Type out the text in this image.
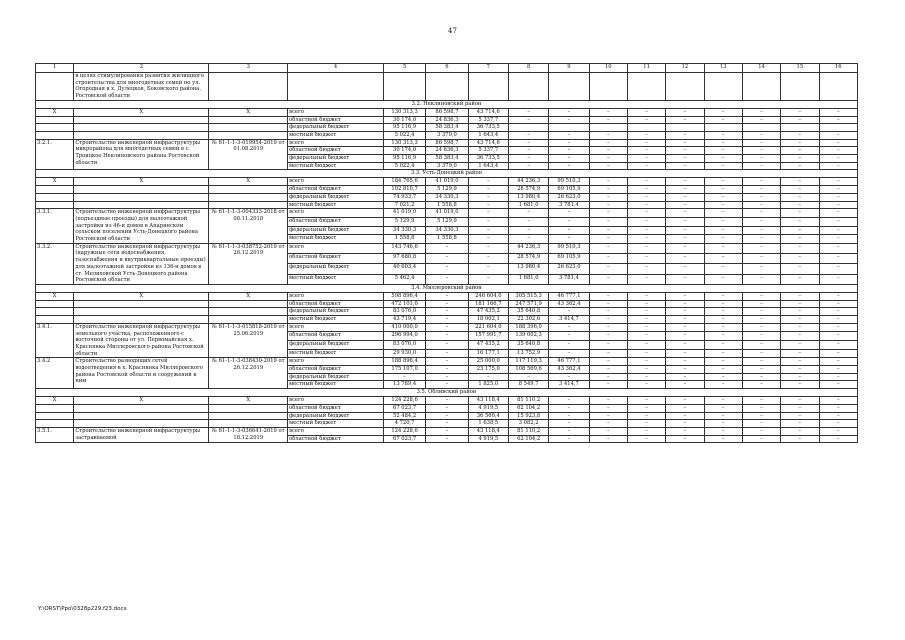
47
1	2	3	4	5	6	7	8	9	10	11	12	13	14	15	16
	в целях стимулирования развития жилищного строительства для многодетных семей по ул. Огородная в х. Дулецков, Боковского района, Ростовской области														
3.2. Неклиновский район															
X	X	X	всего	130 313,3	86 598,7	43 714,6	–	–	–	–	–	–	–	–	–
			областной бюджет	30 174,0	24 836,3	5 337,7	–	–	–	–	–	–	–	–	–
			федеральный бюджет	95 116,9	58 383,4	36 733,5									
			местный бюджет	5 022,4	3 379,0	1 643,4	–	–	–	–	–	–	–	–	–
3.2.1.	Строительство инженерной инфраструктуры микрорайона для многодетных семей в с. Троицкое Неклиновского района Ростовской области	№ 61-1-1-3-019954-2019 от 01.08.2019	всего	130 313,3	86 598,7	43 714,6	–	–	–	–	–	–	–	–	–
			областной бюджет	30 174,0	24 836,3	5 337,7	–	–	–	–	–	–	–	–	–
			федеральный бюджет	95 116,9	58 383,4	36 733,5	–	–	–	–	–	–	–	–	–
			местный бюджет	5 022,4	3 379,0	1 643,4	–	–	–	–	–	–	–	–	–
3.3. Усть-Донецкий район															
X	X	X	всего	184 765,6	41 019,0	–	44 236,3	99 510,3	–	–	–	–	–	–	–
			областной бюджет	102 810,7	5 129,9	–	28 574,9	69 105,9	–	–	–	–	–	–	–
			федеральный бюджет	74 933,7	34 330,3	–	13 980,4	26 623,0	–	–	–	–	–	–	–
			местный бюджет	7 021,2	1 558,8	–	1 681,0	3 781,4	–	–	–	–	–	–	–
3.3.1.	Строительство инженерной инфраструктуры (подъездные проезды) для малоэтажной застройки из 46-и домов в Апаринском сельском поселении Усть-Донецкого района Ростовской области	№ 61-1-1-3-004333-2018 от 08.11.2018	всего	41 019,0	41 019,0	–	–	–	–	–	–	–	–	–	–
			областной бюджет	5 129,9	5 129,9	–	–	–	–	–	–	–	–	–	–
			федеральный бюджет	34 330,3	34 330,3	–	–	–	–	–	–	–	–	–	–
			местный бюджет	1 558,8	1 558,8	–	–	–	–	–	–	–	–	–	–
3.3.2.	Строительство инженерной инфраструктуры (наружные сети водоснабжения, газоснабжения и внутриквартальные проезды) для малоэтажной застройки из 136-и домов в ст. Мелиховской Усть-Донецкого района Ростовской области	№ 61-1-1-3-038752-2019 от 26.12.2019	всего	143 746,6	–	–	44 236,3	99 510,3	–	–	–	–	–	–	–
			областной бюджет	97 680,8	–	–	28 574,9	69 105,9	–	–	–	–	–	–	–
			федеральный бюджет	40 603,4	–	–	13 980,4	26 623,0	–	–	–	–	–	–	–
			местный бюджет	5 462,4	–	–	1 681,0	3 781,4	–	–	–	–	–	–	–
3.4. Миллеровский район															
X	X	X	всего	598 896,4	–	246 604,0	305 515,3	46 777,1	–	–	–	–	–	–	–
			областной бюджет	472 101,0	–	181 166,7	247 571,9	43 362,4	–	–	–	–	–	–	–
			федеральный бюджет	83 076,0	–	47 435,2	35 640,8	–	–	–	–	–	–	–	–
			местный бюджет	43 719,4	–	18 002,1	22 302,6	3 414,7	–	–	–	–	–	–	–
3.4.1.	Строительство инженерной инфраструктуры земельного участка, расположенного с восточной стороны от ул. Первомайская х. Краснянка Миллеровского района Ростовской области	№ 61-1-1-3-015818-2019 от 25.06.2019	всего	410 000,0	–	221 604,0	188 396,0	–	–	–	–	–	–	–	–
			областной бюджет	296 994,0	–	157 991,7	139 002,3	–	–	–	–	–	–	–	–
			федеральный бюджет	83 076,0	–	47 435,2	35 640,8	–	–	–	–	–	–	–	–
			местный бюджет	29 930,0	–	16 177,1	13 752,9	–	–	–	–	–	–	–	–
3.4.2	Строительство разводящих сетей водоотведения в х. Краснянка Миллеровского района Ростовской области и сооружений к ним	№ 61-1-1-3-038430-2019 от 26.12.2019	всего	188 896,4	–	25 000,0	117 119,3	46 777,1	–	–	–	–	–	–	–
			областной бюджет	175 107,0	–	23 175,0	108 569,6	43 362,4	–	–	–	–	–	–	–
			федеральный бюджет	–	–	–	–	–	–	–	–	–	–	–	–
			местный бюджет	13 789,4	–	1 825,0	8 549,7	3 414,7	–	–	–	–	–	–	–
3.5. Обливский район															
X	X	X	всего	124 228,6	–	43 118,4	81 110,2	–	–	–	–	–	–	–	–
			областной бюджет	67 023,7	–	4 919,5	62 104,2	–	–	–	–	–	–	–	–
			федеральный бюджет	52 484,2	–	36 560,4	15 923,8	–	–	–	–	–	–	–	–
			местный бюджет	4 720,7	–	1 638,5	3 082,2	–	–	–	–	–	–	–	–
3.5.1.	Строительство инженерной инфраструктуры застраиваемой	№ 61-1-1-3-036641-2019 от 18.12.2019	всего	124 228,6	–	43 118,4	81 110,2	–	–	–	–	–	–	–	–
			областной бюджет	67 023,7	–	4 919,5	62 104,2	–	–	–	–	–	–	–	–
Y:\ORST\Ppo\0328p229.f23.docx
